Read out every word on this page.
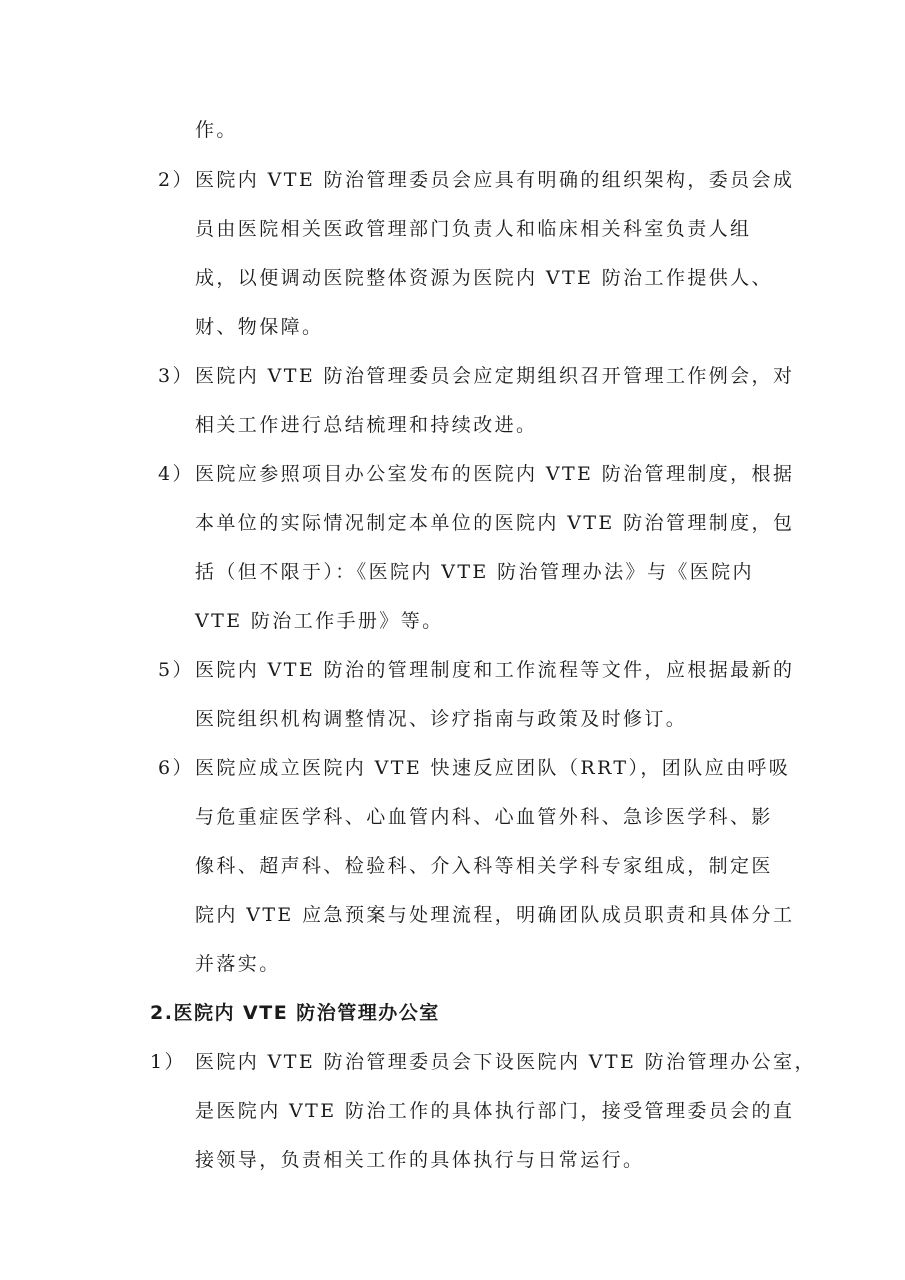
作。
2） 医院内 VTE 防治管理委员会应具有明确的组织架构，委员会成
员由医院相关医政管理部门负责人和临床相关科室负责人组
成，以便调动医院整体资源为医院内 VTE 防治工作提供人、
财、物保障。
3） 医院内 VTE 防治管理委员会应定期组织召开管理工作例会，对
相关工作进行总结梳理和持续改进。
4） 医院应参照项目办公室发布的医院内 VTE 防治管理制度，根据
本单位的实际情况制定本单位的医院内 VTE 防治管理制度，包
括（但不限于）：《医院内 VTE 防治管理办法》与《医院内
VTE 防治工作手册》等。
5） 医院内 VTE 防治的管理制度和工作流程等文件，应根据最新的
医院组织机构调整情况、诊疗指南与政策及时修订。
6） 医院应成立医院内 VTE 快速反应团队（RRT），团队应由呼吸
与危重症医学科、心血管内科、心血管外科、急诊医学科、影
像科、超声科、检验科、介入科等相关学科专家组成，制定医
院内 VTE 应急预案与处理流程，明确团队成员职责和具体分工
并落实。
2.医院内 VTE 防治管理办公室
1） 医院内 VTE 防治管理委员会下设医院内 VTE 防治管理办公室，
是医院内 VTE 防治工作的具体执行部门，接受管理委员会的直
接领导，负责相关工作的具体执行与日常运行。
